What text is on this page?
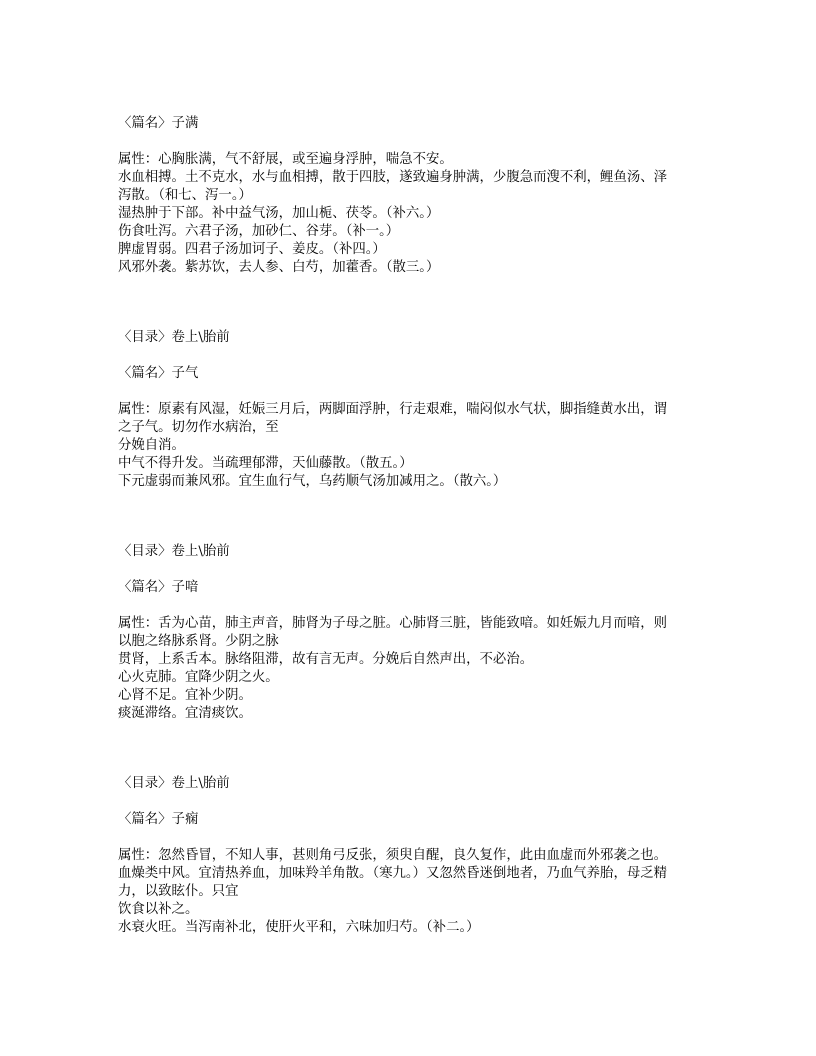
〈篇名〉子满
属性：心胸胀满，气不舒展，或至遍身浮肿，喘急不安。
水血相搏。土不克水，水与血相搏，散于四肢，遂致遍身肿满，少腹急而溲不利，鲤鱼汤、泽
泻散。（和七、泻一。）
湿热肿于下部。补中益气汤，加山栀、茯苓。（补六。）
伤食吐泻。六君子汤，加砂仁、谷芽。（补一。）
脾虚胃弱。四君子汤加诃子、姜皮。（补四。）
风邪外袭。紫苏饮，去人参、白芍，加藿香。（散三。）
〈目录〉卷上\胎前
〈篇名〉子气
属性：原素有风湿，妊娠三月后，两脚面浮肿，行走艰难，喘闷似水气状，脚指缝黄水出，谓
之子气。切勿作水病治，至
分娩自消。
中气不得升发。当疏理郁滞，天仙藤散。（散五。）
下元虚弱而兼风邪。宜生血行气，乌药顺气汤加减用之。（散六。）
〈目录〉卷上\胎前
〈篇名〉子喑
属性：舌为心苗，肺主声音，肺肾为子母之脏。心肺肾三脏，皆能致喑。如妊娠九月而喑，则
以胞之络脉系肾。少阴之脉
贯肾，上系舌本。脉络阻滞，故有言无声。分娩后自然声出，不必治。
心火克肺。宜降少阴之火。
心肾不足。宜补少阴。
痰涎滞络。宜清痰饮。
〈目录〉卷上\胎前
〈篇名〉子痫
属性：忽然昏冒，不知人事，甚则角弓反张，须臾自醒，良久复作，此由血虚而外邪袭之也。
血燥类中风。宜清热养血，加味羚羊角散。（寒九。）又忽然昏迷倒地者，乃血气养胎，母乏精
力，以致眩仆。只宜
饮食以补之。
水衰火旺。当泻南补北，使肝火平和，六味加归芍。（补二。）
